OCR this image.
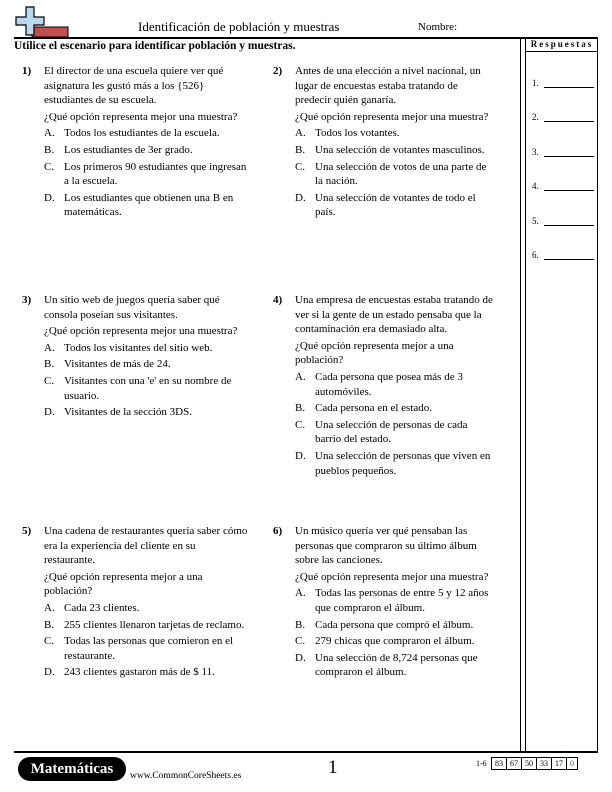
Identificación de población y muestras	Nombre:
Utilice el escenario para identificar población y muestras.	Respuestas
1.
2.
3.
4.
5.
6.
1) El director de una escuela quiere ver qué asignatura les gustó más a los {526} estudiantes de su escuela.

¿Qué opción representa mejor una muestra?

A. Todos los estudiantes de la escuela.
B. Los estudiantes de 3er grado.
C. Los primeros 90 estudiantes que ingresan a la escuela.
D. Los estudiantes que obtienen una B en matemáticas.
2) Antes de una elección a nivel nacional, un lugar de encuestas estaba tratando de predecir quién ganaría.

¿Qué opción representa mejor una muestra?

A. Todos los votantes.
B. Una selección de votantes masculinos.
C. Una selección de votos de una parte de la nación.
D. Una selección de votantes de todo el país.
3) Un sitio web de juegos quería saber qué consola poseían sus visitantes.

¿Qué opción representa mejor una muestra?

A. Todos los visitantes del sitio web.
B. Visitantes de más de 24.
C. Visitantes con una 'e' en su nombre de usuario.
D. Visitantes de la sección 3DS.
4) Una empresa de encuestas estaba tratando de ver si la gente de un estado pensaba que la contaminación era demasiado alta.

¿Qué opción representa mejor a una población?

A. Cada persona que posea más de 3 automóviles.
B. Cada persona en el estado.
C. Una selección de personas de cada barrio del estado.
D. Una selección de personas que viven en pueblos pequeños.
5) Una cadena de restaurantes quería saber cómo era la experiencia del cliente en su restaurante.

¿Qué opción representa mejor a una población?

A. Cada 23 clientes.
B. 255 clientes llenaron tarjetas de reclamo.
C. Todas las personas que comieron en el restaurante.
D. 243 clientes gastaron más de $ 11.
6) Un músico quería ver qué pensaban las personas que compraron su último álbum sobre las canciones.

¿Qué opción representa mejor una muestra?

A. Todas las personas de entre 5 y 12 años que compraron el álbum.
B. Cada persona que compró el álbum.
C. 279 chicas que compraron el álbum.
D. Una selección de 8,724 personas que compraron el álbum.
Matemáticas	www.CommonCoreSheets.es	1	1-6 83	67	50	33	17	0
